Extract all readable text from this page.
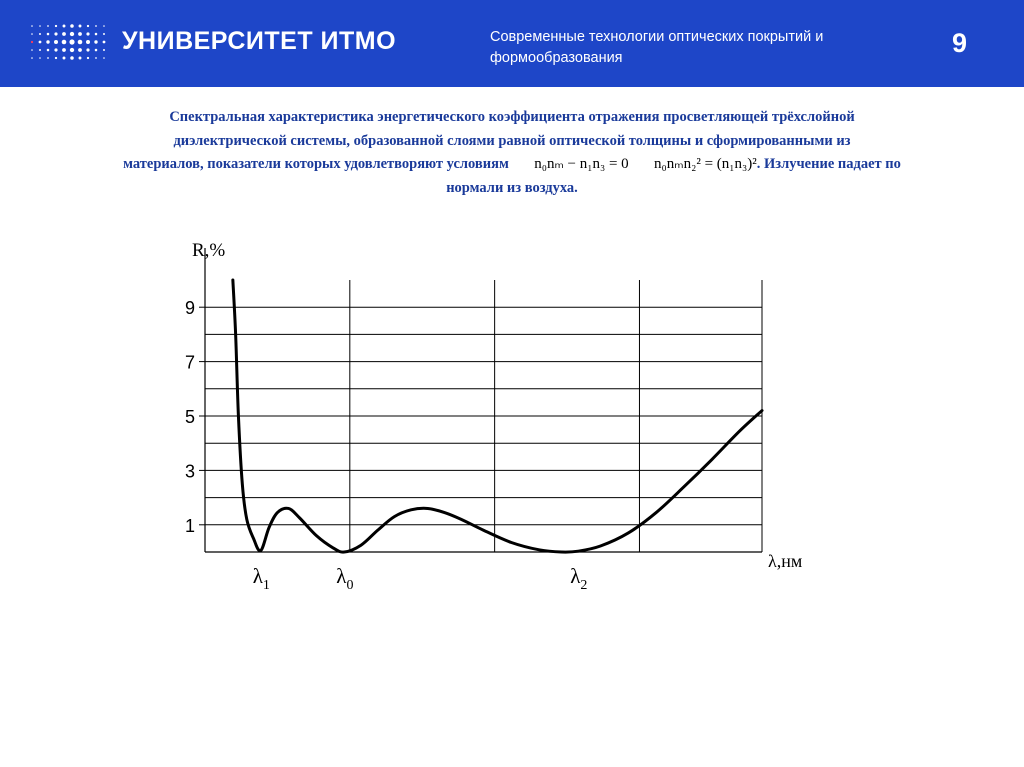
УНИВЕРСИТЕТ ИТМО	Современные технологии оптических покрытий и формообразования	9
Спектральная характеристика энергетического коэффициента отражения просветляющей трёхслойной
диэлектрической системы, образованной слоями равной оптической толщины и сформированными из
материалов, показатели которых удовлетворяют условиям n₀nₘ − n₁n₃ = 0 n₀nₘn₂² = (n₁n₃)². Излучение падает по
нормали из воздуха.
1
3
5
7
9
R,%
λ,нм
$\lambda_1$	$\lambda_0$	$\lambda_2$
